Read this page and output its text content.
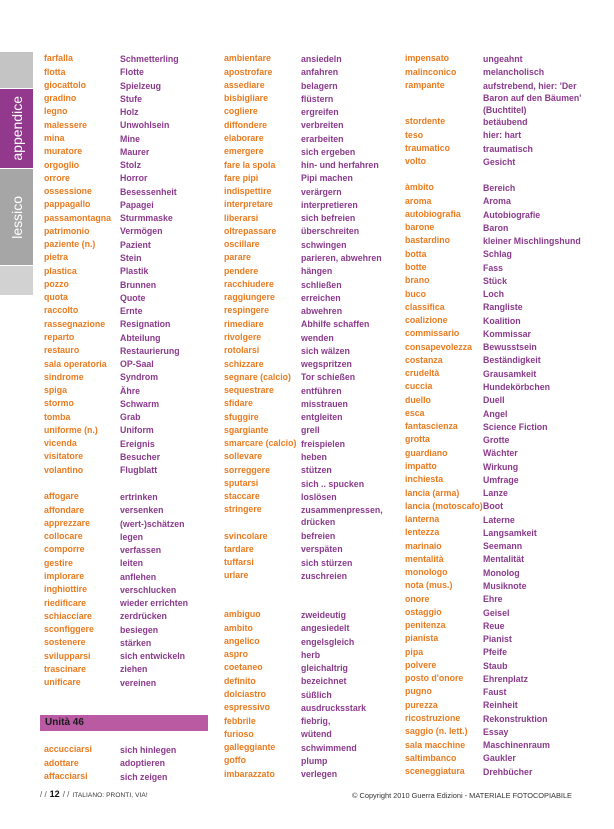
appendice
lessico
farfalla	Schmetterling
flotta	Flotte
giocattolo	Spielzeug
gradino	Stufe
legno	Holz
malessere	Unwohlsein
mina	Mine
muratore	Maurer
orgoglio	Stolz
orrore	Horror
ossessione	Besessenheit
pappagallo	Papagei
passamontagna	Sturmmaske
patrimonio	Vermögen
paziente (n.)	Pazient
pietra	Stein
plastica	Plastik
pozzo	Brunnen
quota	Quote
raccolto	Ernte
rassegnazione	Resignation
reparto	Abteilung
restauro	Restaurierung
sala operatoria	OP-Saal
sindrome	Syndrom
spiga	Ähre
stormo	Schwarm
tomba	Grab
uniforme (n.)	Uniform
vicenda	Ereignis
visitatore	Besucher
volantino	Flugblatt
affogare	ertrinken
affondare	versenken
apprezzare	(wert-)schätzen
collocare	legen
comporre	verfassen
gestire	leiten
implorare	anflehen
inghiottire	verschlucken
riedificare	wieder errichten
schiacciare	zerdrücken
sconfiggere	besiegen
sostenere	stärken
svilupparsi	sich entwickeln
trascinare	ziehen
unificare	vereinen
Unità 46
accucciarsi	sich hinlegen
adottare	adoptieren
affacciarsi	sich zeigen
ambientare	ansiedeln
apostrofare	anfahren
assediare	belagern
bisbigliare	flüstern
cogliere	ergreifen
diffondere	verbreiten
elaborare	erarbeiten
emergere	sich ergeben
fare la spola	hin- und herfahren
fare pipì	Pipi machen
indispettire	verärgern
interpretare	interpretieren
liberarsi	sich befreien
oltrepassare	überschreiten
oscillare	schwingen
parare	parieren, abwehren
pendere	hängen
racchiudere	schließen
raggiungere	erreichen
respingere	abwehren
rimediare	Abhilfe schaffen
rivolgere	wenden
rotolarsi	sich wälzen
schizzare	wegspritzen
segnare (calcio)	Tor schießen
sequestrare	entführen
sfidare	misstrauen
sfuggire	entgleiten
sgargiante	grell
smarcare (calcio) freispielen
sollevare	heben
sorreggere	stützen
sputarsi	sich .. spucken
staccare	loslösen
stringere	zusammenpressen, drücken
svincolare	befreien
tardare	verspäten
tuffarsi	sich stürzen
urlare	zuschreien
ambiguo	zweideutig
ambito	angesiedelt
angelico	engelsgleich
aspro	herb
coetaneo	gleichaltrig
definito	bezeichnet
dolciastro	süßlich
espressivo	ausdrucksstark
febbrile	fiebrig,
furioso	wütend
galleggiante	schwimmend
goffo	plump
imbarazzato	verlegen
impensato	ungeahnt
malinconico	melancholisch
rampante	aufstrebend, hier: 'Der Baron auf den Bäumen' (Buchtitel)
stordente	betäubend
teso	hier: hart
traumatico	traumatisch
volto	Gesicht
àmbito	Bereich
aroma	Aroma
autobiografia	Autobiografie
barone	Baron
bastardino	kleiner Mischlingshund
botta	Schlag
botte	Fass
brano	Stück
buco	Loch
classifica	Rangliste
coalizione	Koalition
commissario	Kommissar
consapevolezza	Bewusstsein
costanza	Beständigkeit
crudeltà	Grausamkeit
cuccia	Hundekörbchen
duello	Duell
esca	Angel
fantascienza	Science Fiction
grotta	Grotte
guardiano	Wächter
impatto	Wirkung
inchiesta	Umfrage
lancia (arma)	Lanze
lancia (motoscafo) Boot
lanterna	Laterne
lentezza	Langsamkeit
marinaio	Seemann
mentalità	Mentalität
monologo	Monolog
nota (mus.)	Musiknote
onore	Ehre
ostaggio	Geisel
penitenza	Reue
pianista	Pianist
pipa	Pfeife
polvere	Staub
posto d'onore	Ehrenplatz
pugno	Faust
purezza	Reinheit
ricostruzione	Rekonstruktion
saggio (n. lett.)	Essay
sala macchine	Maschinenraum
saltimbanco	Gaukler
sceneggiatura	Drehbücher
/ / 12 / / ITALIANO: PRONTI, VIA!	© Copyright 2010 Guerra Edizioni - MATERIALE FOTOCOPIABILE
